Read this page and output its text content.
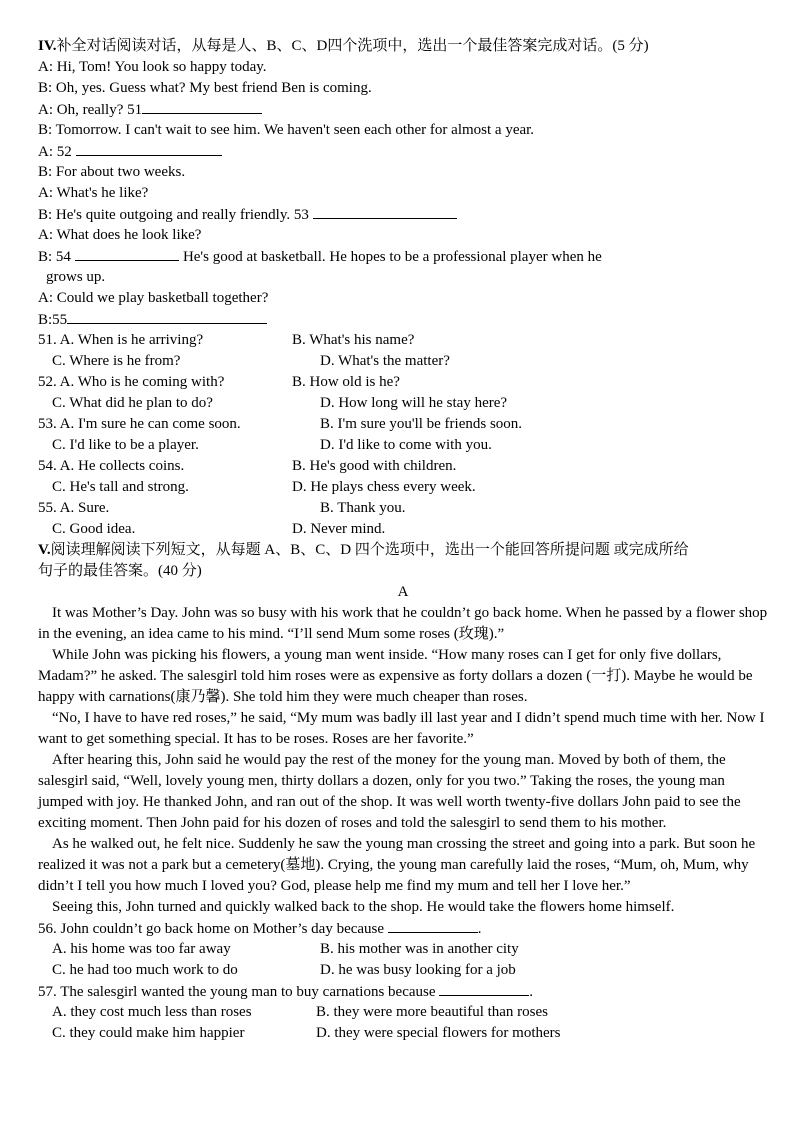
IV.补全对话阅读对话，从每是人、B、C、D四个洗项中，选出一个最佳答案完成对话。(5 分)
A: Hi, Tom! You look so happy today.
B: Oh, yes. Guess what? My best friend Ben is coming.
A: Oh, really? 51
B: Tomorrow. I can't wait to see him. We haven't seen each other for almost a year.
A: 52
B: For about two weeks.
A: What's he like?
B: He's quite outgoing and really friendly. 53
A: What does he look like?
B: 54	He's good at basketball. He hopes to be a professional player when he
grows up.
A: Could we play basketball together?
B:55
51. A. When is he arriving?	B. What's his name?
C. Where is he from?	D. What's the matter?
52. A. Who is he coming with?	B. How old is he?
C. What did he plan to do?	D. How long will he stay here?
53. A. I'm sure he can come soon.	B. I'm sure you'll be friends soon.
C. I'd like to be a player.	D. I'd like to come with you.
54. A. He collects coins.	B. He's good with children.
C. He's tall and strong.	D. He plays chess every week.
55. A. Sure.	B. Thank you.
C. Good idea.	D. Never mind.
V.阅读理解阅读下列短文，从每题 A、B、C、D 四个选项中，选出一个能回答所提问题 或完成所给
句子的最佳答案。(40 分)
A

It was Mother’s Day. John was so busy with his work that he couldn’t go back home. When he passed by a flower shop in the evening, an idea came to his mind. “I’ll send Mum some roses (玫瑰).”

While John was picking his flowers, a young man went inside. “How many roses can I get for only five dollars, Madam?” he asked. The salesgirl told him roses were as expensive as forty dollars a dozen (一打). Maybe he would be happy with carnations(康乃馨). She told him they were much cheaper than roses.

“No, I have to have red roses,” he said, “My mum was badly ill last year and I didn’t spend much time with her. Now I want to get something special. It has to be roses. Roses are her favorite.”

After hearing this, John said he would pay the rest of the money for the young man. Moved by both of them, the salesgirl said, “Well, lovely young men, thirty dollars a dozen, only for you two.” Taking the roses, the young man jumped with joy. He thanked John, and ran out of the shop. It was well worth twenty-five dollars John paid to see the exciting moment. Then John paid for his dozen of roses and told the salesgirl to send them to his mother.

As he walked out, he felt nice. Suddenly he saw the young man crossing the street and going into a park. But soon he realized it was not a park but a cemetery(墓地). Crying, the young man carefully laid the roses, “Mum, oh, Mum, why didn’t I tell you how much I loved you? God, please help me find my mum and tell her I love her.”

Seeing this, John turned and quickly walked back to the shop. He would take the flowers home himself.

56. John couldn’t go back home on Mother’s day because	.
A. his home was too far away	B. his mother was in another city
C. he had too much work to do	D. he was busy looking for a job
57. The salesgirl wanted the young man to buy carnations because	.
A. they cost much less than roses	B. they were more beautiful than roses
C. they could make him happier	D. they were special flowers for mothers
